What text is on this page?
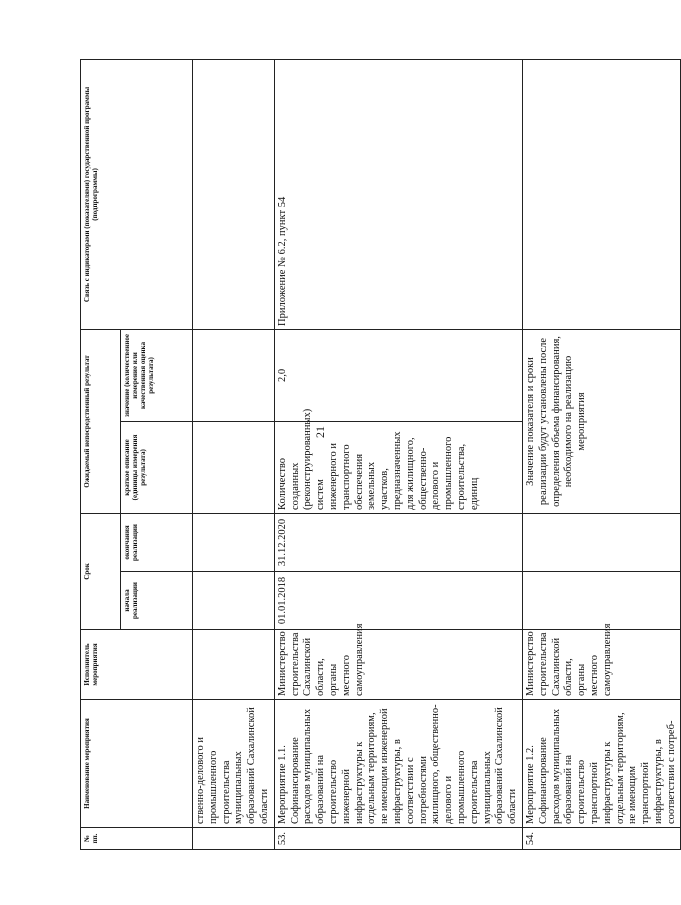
21
№ пп.	Наименование мероприятия	Исполнитель мероприятия	Срок		Ожидаемый непосредственный результат		Связь с индикаторами (показателями) государственной программы (подпрограммы)
			начала реализации	окончания реализации	краткое описание (единицы измерения результата)	значение (количественное измерение или качественная оценка результата)	
	ственно-делового и промышленного строительства муниципальных образований Сахалинской области						
53.	Мероприятие 1.1. Софинансирование расходов муниципальных образований на строительство инженерной инфраструктуры к отдельным территориям, не имеющим инженерной инфраструктуры, в соответствии с потребностями жилищного, общественно-делового и промышленного строительства муниципальных образований Сахалинской области	Министерство строительства Сахалинской области, органы местного самоуправления	01.01.2018	31.12.2020	Количество созданных (реконструированных) систем инженерного и транспортного обеспечения земельных участков, предназначенных для жилищного, общественно-делового и промышленного строительства, единиц	2,0	Приложение № 6.2, пункт 54
54.	Мероприятие 1.2. Софинансирование расходов муниципальных образований на строительство транспортной инфраструктуры к отдельным территориям, не имеющим транспортной инфраструктуры, в соответствии с потреб-	Министерство строительства Сахалинской области, органы местного самоуправления			Значение показателя и сроки реализации будут установлены после определения объема финансирования, необходимого на реализацию мероприятия		
